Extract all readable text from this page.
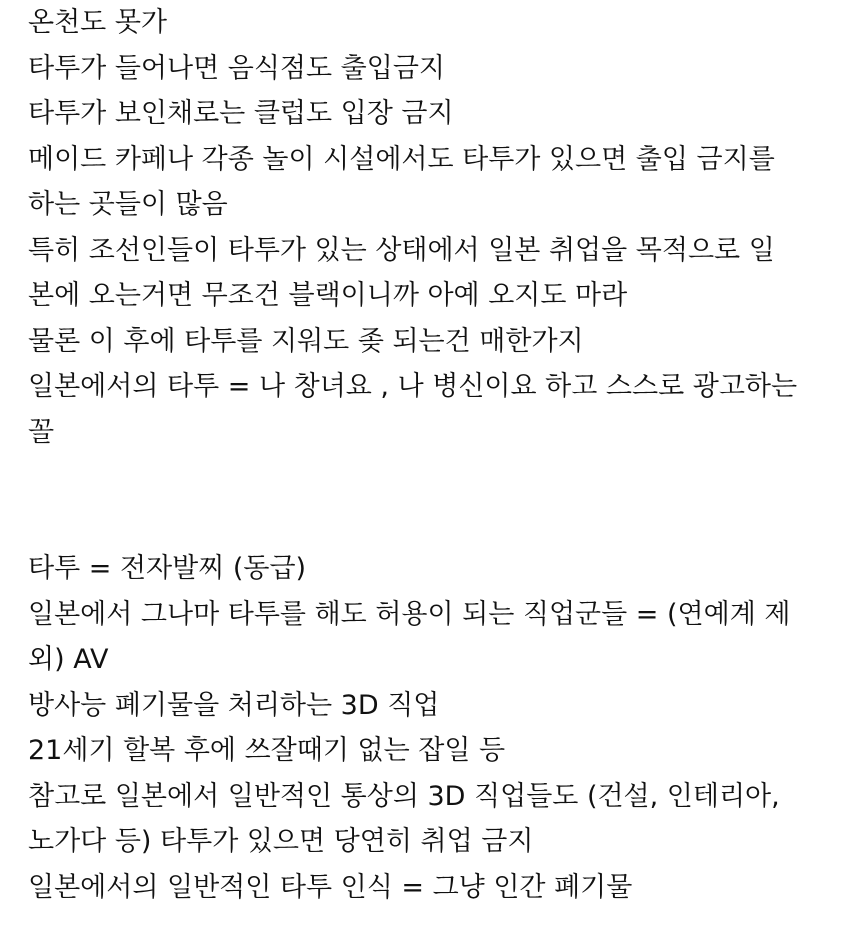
온천도 못가
타투가 들어나면 음식점도 출입금지
타투가 보인채로는 클럽도 입장 금지
메이드 카페나 각종 놀이 시설에서도 타투가 있으면 출입 금지를
하는 곳들이 많음
특히 조선인들이 타투가 있는 상태에서 일본 취업을 목적으로 일
본에 오는거면 무조건 블랙이니까 아예 오지도 마라
물론 이 후에 타투를 지워도 좆 되는건 매한가지
일본에서의 타투 = 나 창녀요 , 나 병신이요 하고 스스로 광고하는
꼴
타투 = 전자발찌 (동급)
일본에서 그나마 타투를 해도 허용이 되는 직업군들 = (연예계 제
외) AV
방사능 폐기물을 처리하는 3D 직업
21세기 할복 후에 쓰잘때기 없는 잡일 등
참고로 일본에서 일반적인 통상의 3D 직업들도 (건설, 인테리아,
노가다 등) 타투가 있으면 당연히 취업 금지
일본에서의 일반적인 타투 인식 = 그냥 인간 폐기물
